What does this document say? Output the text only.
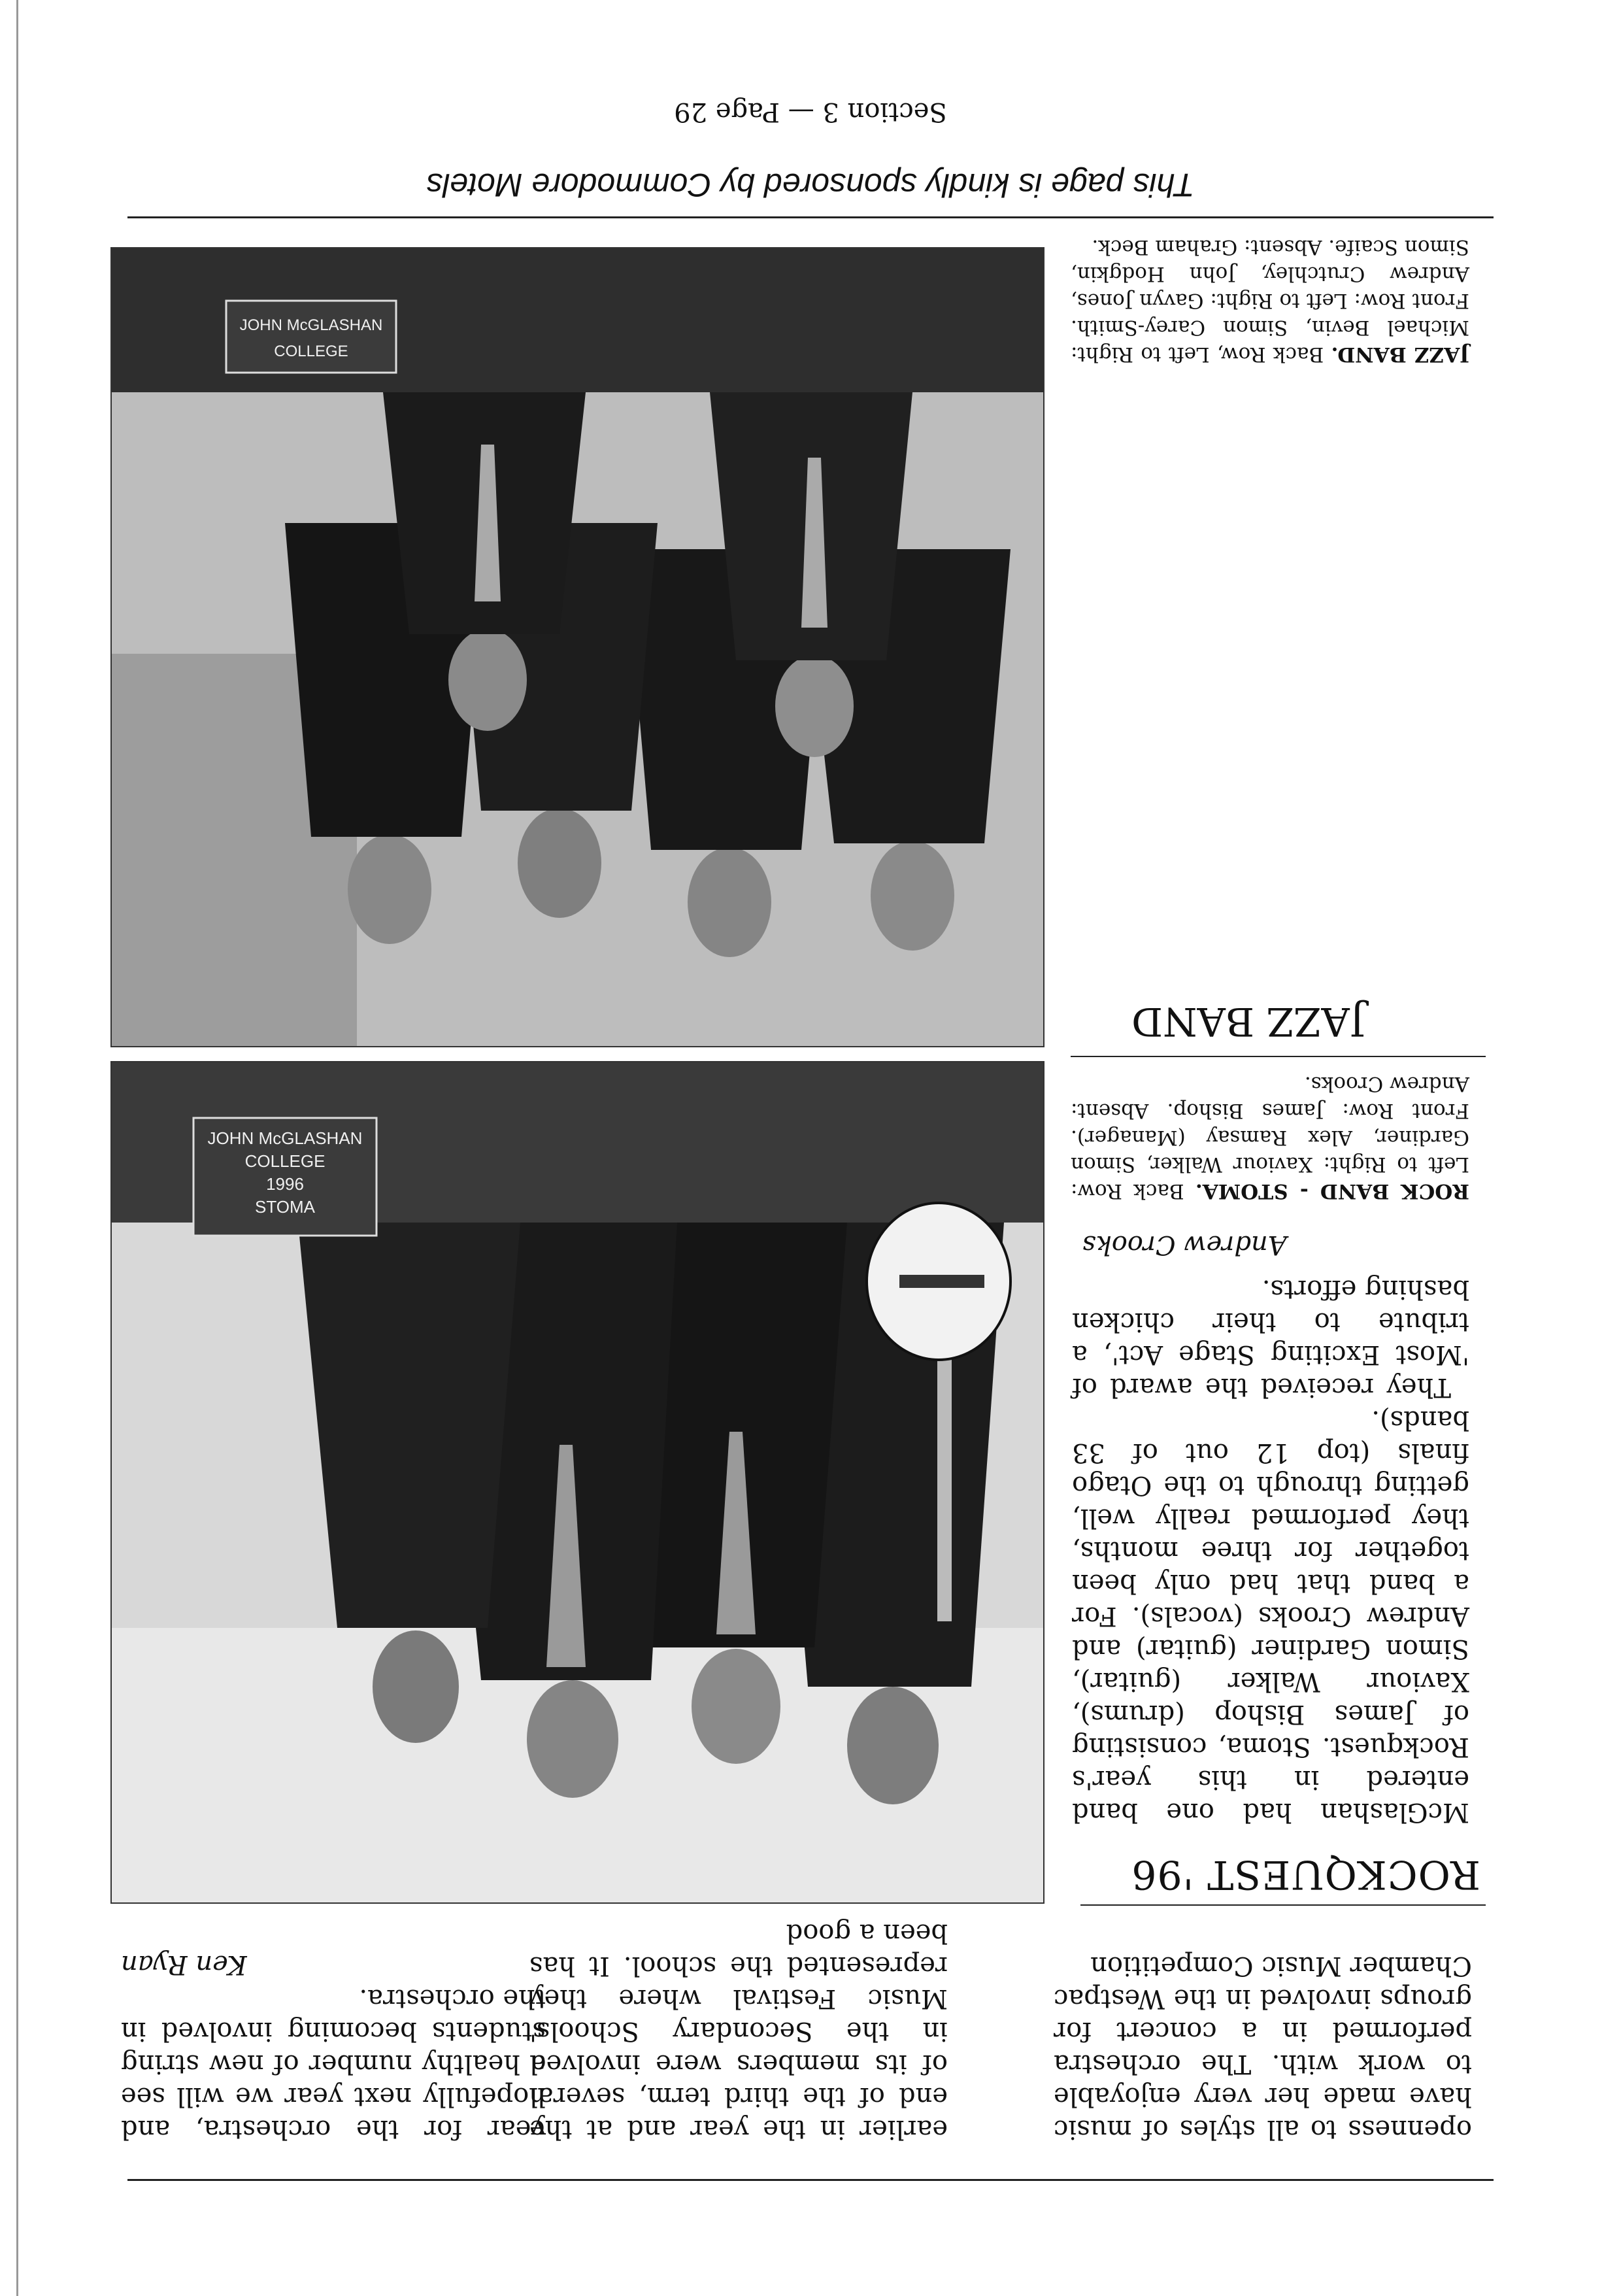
openness to all styles of music have made her very enjoyable to work with. The orchestra performed in a concert for groups involved in the Westpac Chamber Music Competition

earlier in the year and at the end of the third term, several of its members were involved in the Secondary Schools' Music Festival where they represented the school. It has been a good

year for the orchestra, and hopefully next year we will see a healthy number of new string students becoming involved in the orchestra.

Ken Ryan

ROCKQUEST '96

McGlashan had one band entered in this year's Rockquest. Stoma, consisting of James Bishop (drums), Xaviour Walker (guitar), Simon Gardiner (guitar) and Andrew Crooks (vocals). For a band that had only been together for three months, they performed really well, getting through to the Otago finals (top 12 out of 33 bands).

They received the award of 'Most Exciting Stage Act', a tribute to their chicken bashing efforts.

Andrew Crooks

ROCK BAND - STOMA. Back Row: Left to Right: Xaviour Walker, Simon Gardiner, Alex Ramsay (Manager). Front Row: James Bishop. Absent: Andrew Crooks.
JAZZ BAND
JAZZ BAND. Back Row, Left to Right: Michael Bevin, Simon Carey-Smith. Front Row: Left to Right: Gavyn Jones, Andrew Crutchley, John Hodgkin, Simon Scaife. Absent: Graham Beck.
JOHN McGLASHAN
COLLEGE
1996
STOMA
JOHN McGLASHAN
COLLEGE
This page is kindly sponsored by Commodore Motels
Section 3 — Page 29
